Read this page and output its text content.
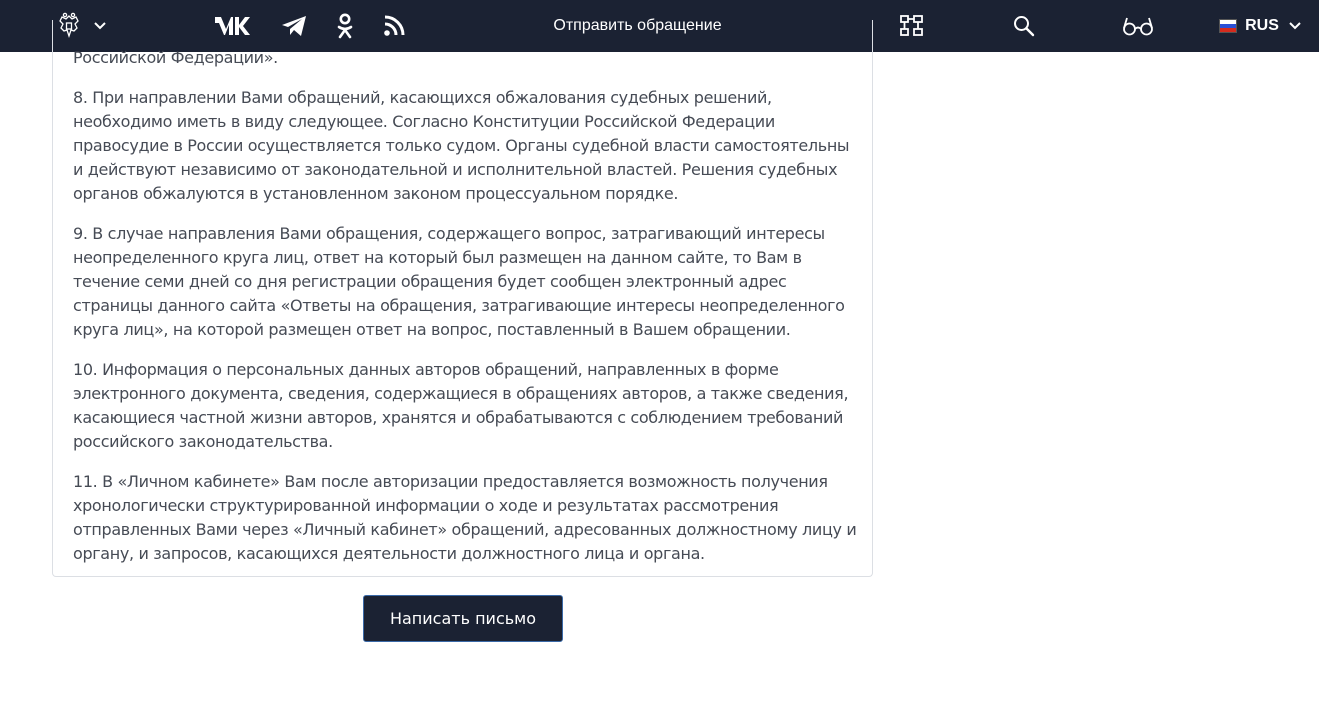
Отправить обращение	RUS

Российской Федерации».

8. При направлении Вами обращений, касающихся обжалования судебных решений, необходимо иметь в виду следующее. Согласно Конституции Российской Федерации правосудие в России осуществляется только судом. Органы судебной власти самостоятельны и действуют независимо от законодательной и исполнительной властей. Решения судебных органов обжалуются в установленном законом процессуальном порядке.

9. В случае направления Вами обращения, содержащего вопрос, затрагивающий интересы неопределенного круга лиц, ответ на который был размещен на данном сайте, то Вам в течение семи дней со дня регистрации обращения будет сообщен электронный адрес страницы данного сайта «Ответы на обращения, затрагивающие интересы неопределенного круга лиц», на которой размещен ответ на вопрос, поставленный в Вашем обращении.

10. Информация о персональных данных авторов обращений, направленных в форме электронного документа, сведения, содержащиеся в обращениях авторов, а также сведения, касающиеся частной жизни авторов, хранятся и обрабатываются с соблюдением требований российского законодательства.

11. В «Личном кабинете» Вам после авторизации предоставляется возможность получения хронологически структурированной информации о ходе и результатах рассмотрения отправленных Вами через «Личный кабинет» обращений, адресованных должностному лицу и органу, и запросов, касающихся деятельности должностного лица и органа.

Написать письмо
